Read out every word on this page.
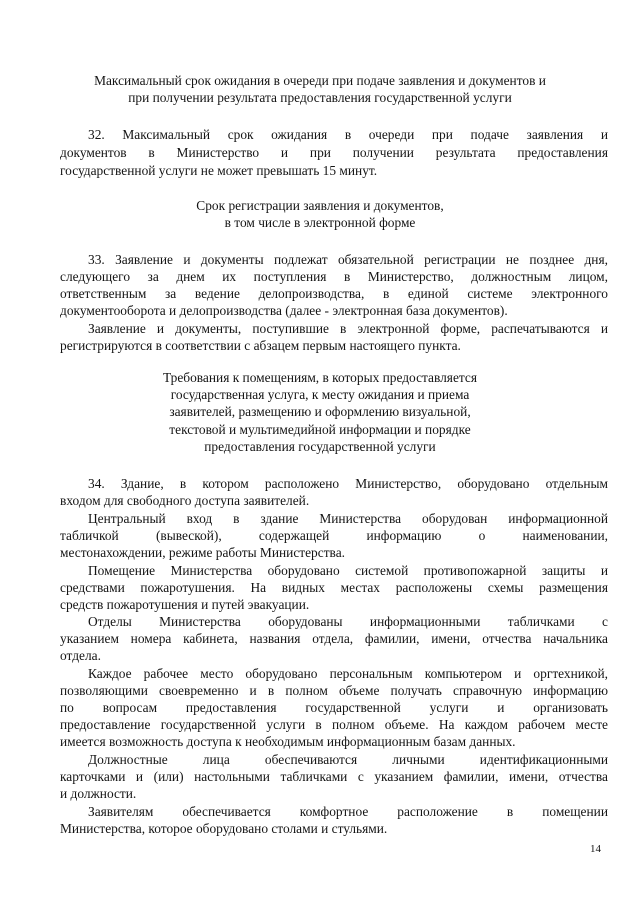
Максимальный срок ожидания в очереди при подаче заявления и документов и
при получении результата предоставления государственной услуги
32. Максимальный срок ожидания в очереди при подаче заявления и
документов в Министерство и при получении результата предоставления
государственной услуги не может превышать 15 минут.
Срок регистрации заявления и документов,
в том числе в электронной форме
33. Заявление и документы подлежат обязательной регистрации не позднее дня,
следующего за днем их поступления в Министерство, должностным лицом,
ответственным за ведение делопроизводства, в единой системе электронного
документооборота и делопроизводства (далее - электронная база документов).
Заявление и документы, поступившие в электронной форме, распечатываются и
регистрируются в соответствии с абзацем первым настоящего пункта.
Требования к помещениям, в которых предоставляется
государственная услуга, к месту ожидания и приема
заявителей, размещению и оформлению визуальной,
текстовой и мультимедийной информации и порядке
предоставления государственной услуги
34. Здание, в котором расположено Министерство, оборудовано отдельным
входом для свободного доступа заявителей.
Центральный вход в здание Министерства оборудован информационной
табличкой (вывеской), содержащей информацию о наименовании,
местонахождении, режиме работы Министерства.
Помещение Министерства оборудовано системой противопожарной защиты и
средствами пожаротушения. На видных местах расположены схемы размещения
средств пожаротушения и путей эвакуации.
Отделы Министерства оборудованы информационными табличками с
указанием номера кабинета, названия отдела, фамилии, имени, отчества начальника
отдела.
Каждое рабочее место оборудовано персональным компьютером и оргтехникой,
позволяющими своевременно и в полном объеме получать справочную информацию
по вопросам предоставления государственной услуги и организовать
предоставление государственной услуги в полном объеме. На каждом рабочем месте
имеется возможность доступа к необходимым информационным базам данных.
Должностные лица обеспечиваются личными идентификационными
карточками и (или) настольными табличками с указанием фамилии, имени, отчества
и должности.
Заявителям обеспечивается комфортное расположение в помещении
Министерства, которое оборудовано столами и стульями.
14
